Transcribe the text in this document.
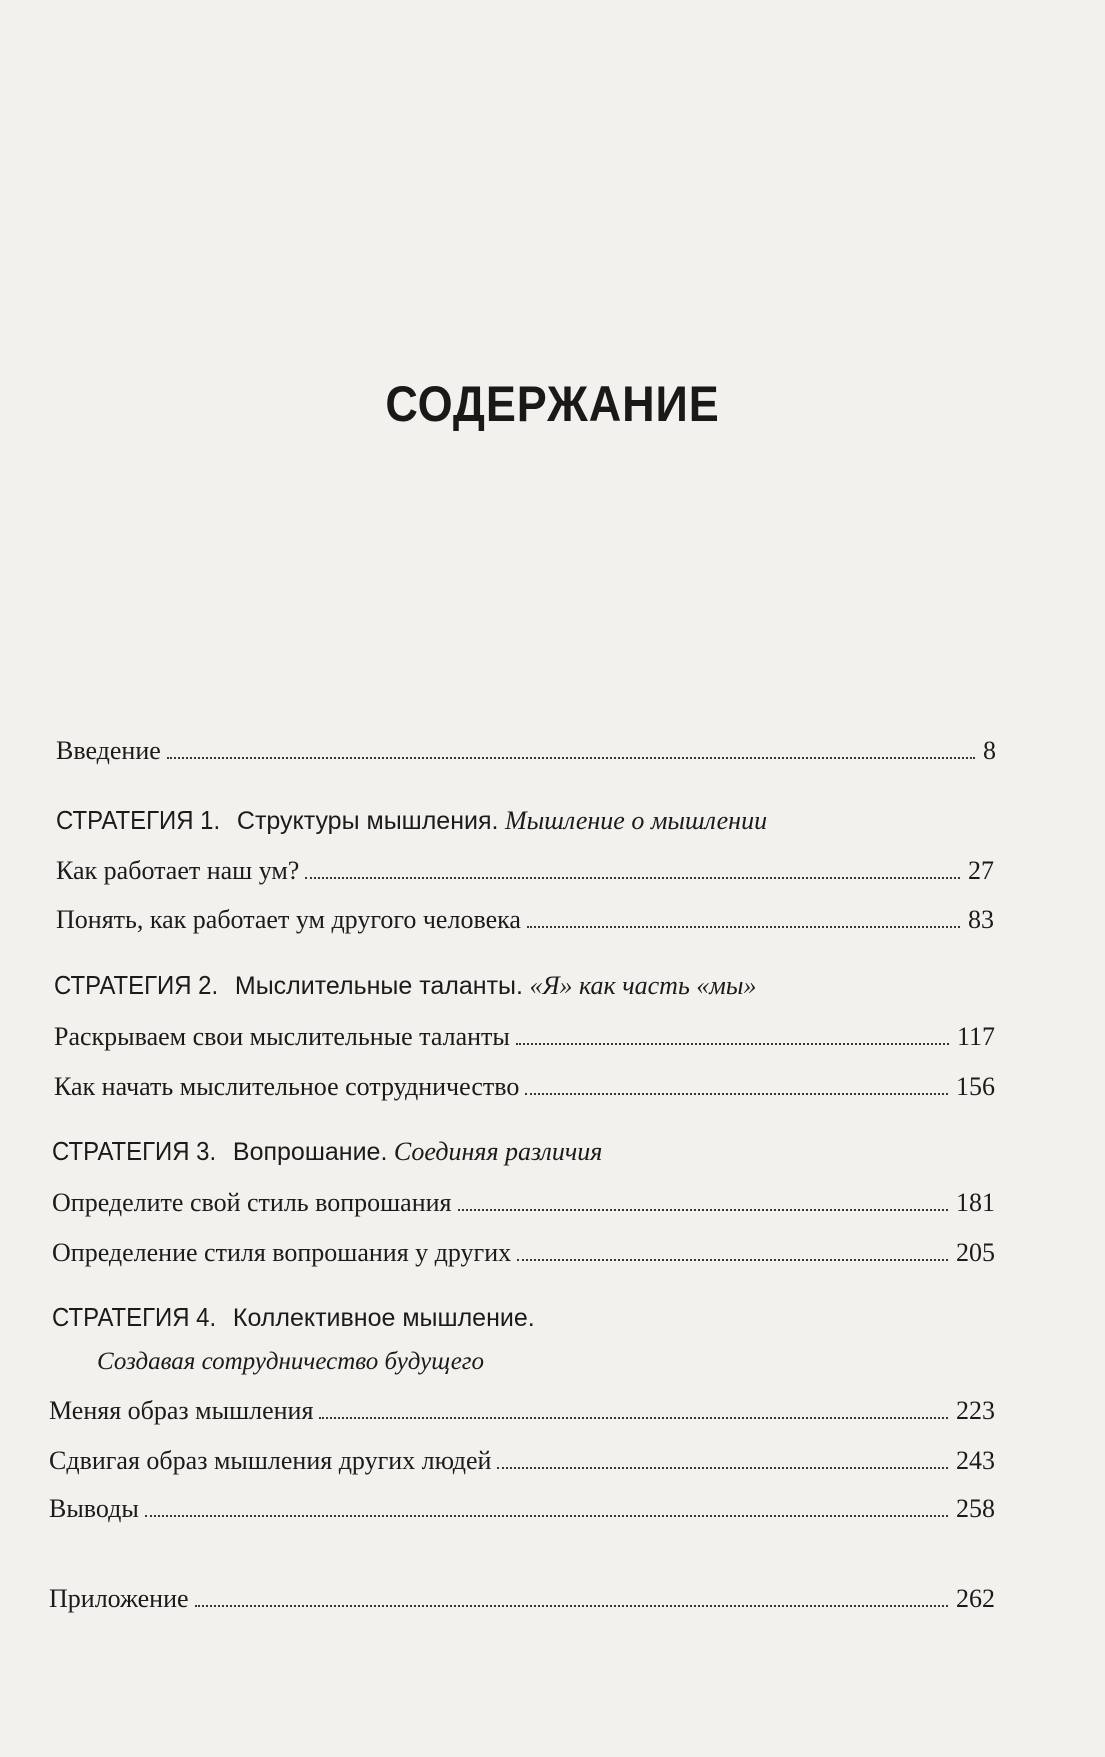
СОДЕРЖАНИЕ
Введение	8
СТРАТЕГИЯ 1. Структуры мышления. Мышление о мышлении
Как работает наш ум?	27
Понять, как работает ум другого человека	83
СТРАТЕГИЯ 2. Мыслительные таланты. «Я» как часть «мы»
Раскрываем свои мыслительные таланты	117
Как начать мыслительное сотрудничество	156
СТРАТЕГИЯ 3. Вопрошание. Соединяя различия
Определите свой стиль вопрошания	181
Определение стиля вопрошания у других	205
СТРАТЕГИЯ 4. Коллективное мышление.
Создавая сотрудничество будущего
Меняя образ мышления	223
Сдвигая образ мышления других людей	243
Выводы	258
Приложение	262
